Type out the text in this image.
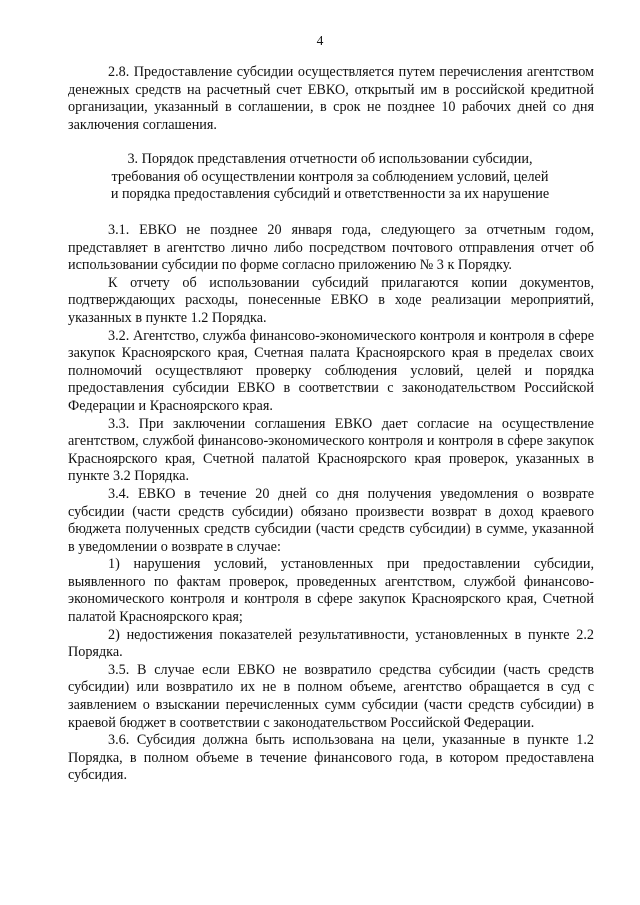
4

2.8. Предоставление субсидии осуществляется путем перечисления агентством денежных средств на расчетный счет ЕВКО, открытый им в российской кредитной организации, указанный в соглашении, в срок не позднее 10 рабочих дней со дня заключения соглашения.

3. Порядок представления отчетности об использовании субсидии,

требования об осуществлении контроля за соблюдением условий, целей

и порядка предоставления субсидий и ответственности за их нарушение

3.1. ЕВКО не позднее 20 января года, следующего за отчетным годом, представляет в агентство лично либо посредством почтового отправления отчет об использовании субсидии по форме согласно приложению № 3 к Порядку.

К отчету об использовании субсидий прилагаются копии документов, подтверждающих расходы, понесенные ЕВКО в ходе реализации мероприятий, указанных в пункте 1.2 Порядка.

3.2. Агентство, служба финансово-экономического контроля и контроля в сфере закупок Красноярского края, Счетная палата Красноярского края в пределах своих полномочий осуществляют проверку соблюдения условий, целей и порядка предоставления субсидии ЕВКО в соответствии с законодательством Российской Федерации и Красноярского края.

3.3. При заключении соглашения ЕВКО дает согласие на осуществление агентством, службой финансово-экономического контроля и контроля в сфере закупок Красноярского края, Счетной палатой Красноярского края проверок, указанных в пункте 3.2 Порядка.

3.4. ЕВКО в течение 20 дней со дня получения уведомления о возврате субсидии (части средств субсидии) обязано произвести возврат в доход краевого бюджета полученных средств субсидии (части средств субсидии) в сумме, указанной в уведомлении о возврате в случае:

1) нарушения условий, установленных при предоставлении субсидии, выявленного по фактам проверок, проведенных агентством, службой финансово-экономического контроля и контроля в сфере закупок Красноярского края, Счетной палатой Красноярского края;

2) недостижения показателей результативности, установленных в пункте 2.2 Порядка.

3.5. В случае если ЕВКО не возвратило средства субсидии (часть средств субсидии) или возвратило их не в полном объеме, агентство обращается в суд с заявлением о взыскании перечисленных сумм субсидии (части средств субсидии) в краевой бюджет в соответствии с законодательством Российской Федерации.

3.6. Субсидия должна быть использована на цели, указанные в пункте 1.2 Порядка, в полном объеме в течение финансового года, в котором предоставлена субсидия.
